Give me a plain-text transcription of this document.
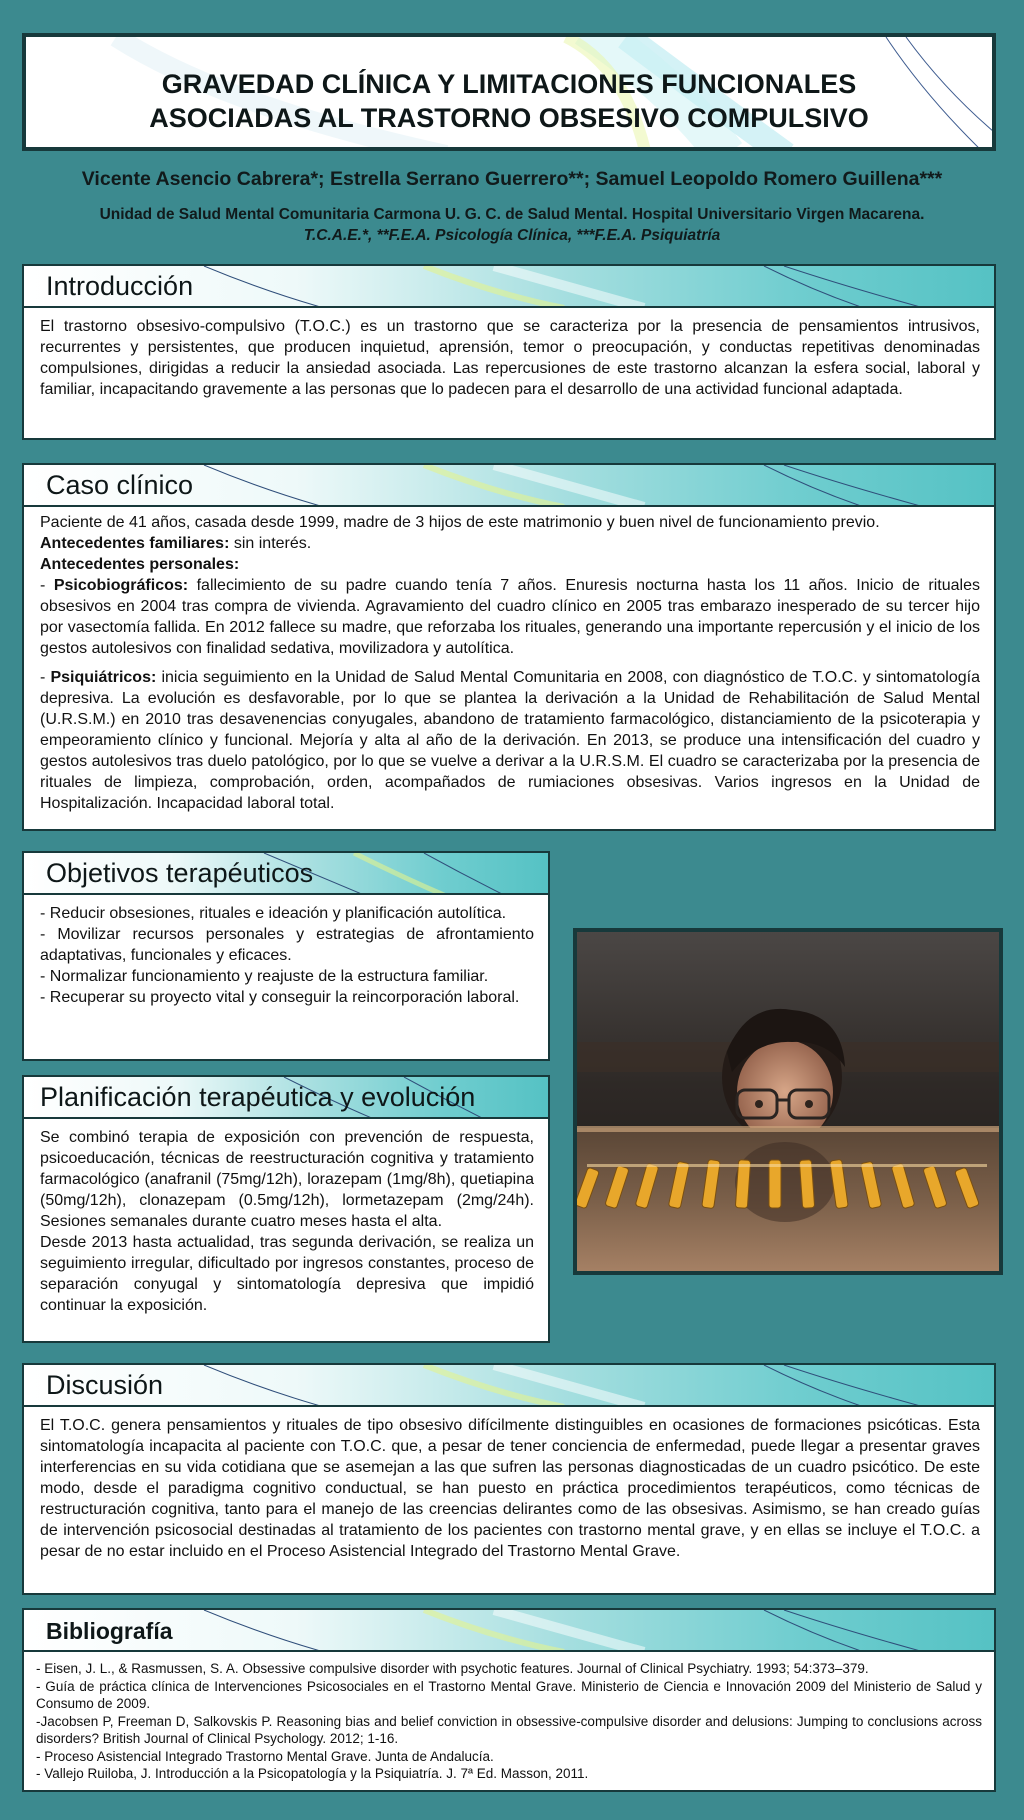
GRAVEDAD CLÍNICA Y LIMITACIONES FUNCIONALES
ASOCIADAS AL TRASTORNO OBSESIVO COMPULSIVO
Vicente Asencio Cabrera*; Estrella Serrano Guerrero**; Samuel Leopoldo Romero Guillena***
Unidad de Salud Mental Comunitaria Carmona U. G. C. de Salud Mental. Hospital Universitario Virgen Macarena.
T.C.A.E.*, **F.E.A. Psicología Clínica, ***F.E.A. Psiquiatría
Introducción

El trastorno obsesivo-compulsivo (T.O.C.) es un trastorno que se caracteriza por la presencia de pensamientos intrusivos, recurrentes y persistentes, que producen inquietud, aprensión, temor o preocupación, y conductas repetitivas denominadas compulsiones, dirigidas a reducir la ansiedad asociada. Las repercusiones de este trastorno alcanzan la esfera social, laboral y familiar, incapacitando gravemente a las personas que lo padecen para el desarrollo de una actividad funcional adaptada.

Caso clínico

Paciente de 41 años, casada desde 1999, madre de 3 hijos de este matrimonio y buen nivel de funcionamiento previo.

Antecedentes familiares: sin interés.

Antecedentes personales:

- Psicobiográficos: fallecimiento de su padre cuando tenía 7 años. Enuresis nocturna hasta los 11 años. Inicio de rituales obsesivos en 2004 tras compra de vivienda. Agravamiento del cuadro clínico en 2005 tras embarazo inesperado de su tercer hijo por vasectomía fallida. En 2012 fallece su madre, que reforzaba los rituales, generando una importante repercusión y el inicio de los gestos autolesivos con finalidad sedativa, movilizadora y autolítica.

- Psiquiátricos: inicia seguimiento en la Unidad de Salud Mental Comunitaria en 2008, con diagnóstico de T.O.C. y sintomatología depresiva. La evolución es desfavorable, por lo que se plantea la derivación a la Unidad de Rehabilitación de Salud Mental (U.R.S.M.) en 2010 tras desavenencias conyugales, abandono de tratamiento farmacológico, distanciamiento de la psicoterapia y empeoramiento clínico y funcional. Mejoría y alta al año de la derivación. En 2013, se produce una intensificación del cuadro y gestos autolesivos tras duelo patológico, por lo que se vuelve a derivar a la U.R.S.M. El cuadro se caracterizaba por la presencia de rituales de limpieza, comprobación, orden, acompañados de rumiaciones obsesivas. Varios ingresos en la Unidad de Hospitalización. Incapacidad laboral total.

Objetivos terapéuticos

- Reducir obsesiones, rituales e ideación y planificación autolítica.

- Movilizar recursos personales y estrategias de afrontamiento adaptativas, funcionales y eficaces.

- Normalizar funcionamiento y reajuste de la estructura familiar.

- Recuperar su proyecto vital y conseguir la reincorporación laboral.

Planificación terapéutica y evolución

Se combinó terapia de exposición con prevención de respuesta, psicoeducación, técnicas de reestructuración cognitiva y tratamiento farmacológico (anafranil (75mg/12h), lorazepam (1mg/8h), quetiapina (50mg/12h), clonazepam (0.5mg/12h), lormetazepam (2mg/24h). Sesiones semanales durante cuatro meses hasta el alta.

Desde 2013 hasta actualidad, tras segunda derivación, se realiza un seguimiento irregular, dificultado por ingresos constantes, proceso de separación conyugal y sintomatología depresiva que impidió continuar la exposición.

Discusión

El T.O.C. genera pensamientos y rituales de tipo obsesivo difícilmente distinguibles en ocasiones de formaciones psicóticas. Esta sintomatología incapacita al paciente con T.O.C. que, a pesar de tener conciencia de enfermedad, puede llegar a presentar graves interferencias en su vida cotidiana que se asemejan a las que sufren las personas diagnosticadas de un cuadro psicótico. De este modo, desde el paradigma cognitivo conductual, se han puesto en práctica procedimientos terapéuticos, como técnicas de restructuración cognitiva, tanto para el manejo de las creencias delirantes como de las obsesivas. Asimismo, se han creado guías de intervención psicosocial destinadas al tratamiento de los pacientes con trastorno mental grave, y en ellas se incluye el T.O.C. a pesar de no estar incluido en el Proceso Asistencial Integrado del Trastorno Mental Grave.

Bibliografía

- Eisen, J. L., & Rasmussen, S. A. Obsessive compulsive disorder with psychotic features. Journal of Clinical Psychiatry. 1993; 54:373–379.

- Guía de práctica clínica de Intervenciones Psicosociales en el Trastorno Mental Grave. Ministerio de Ciencia e Innovación 2009 del Ministerio de Salud y Consumo de 2009.

-Jacobsen P, Freeman D, Salkovskis P. Reasoning bias and belief conviction in obsessive-compulsive disorder and delusions: Jumping to conclusions across disorders? British Journal of Clinical Psychology. 2012; 1-16.

- Proceso Asistencial Integrado Trastorno Mental Grave. Junta de Andalucía.

- Vallejo Ruiloba, J. Introducción a la Psicopatología y la Psiquiatría. J. 7ª Ed. Masson, 2011.
